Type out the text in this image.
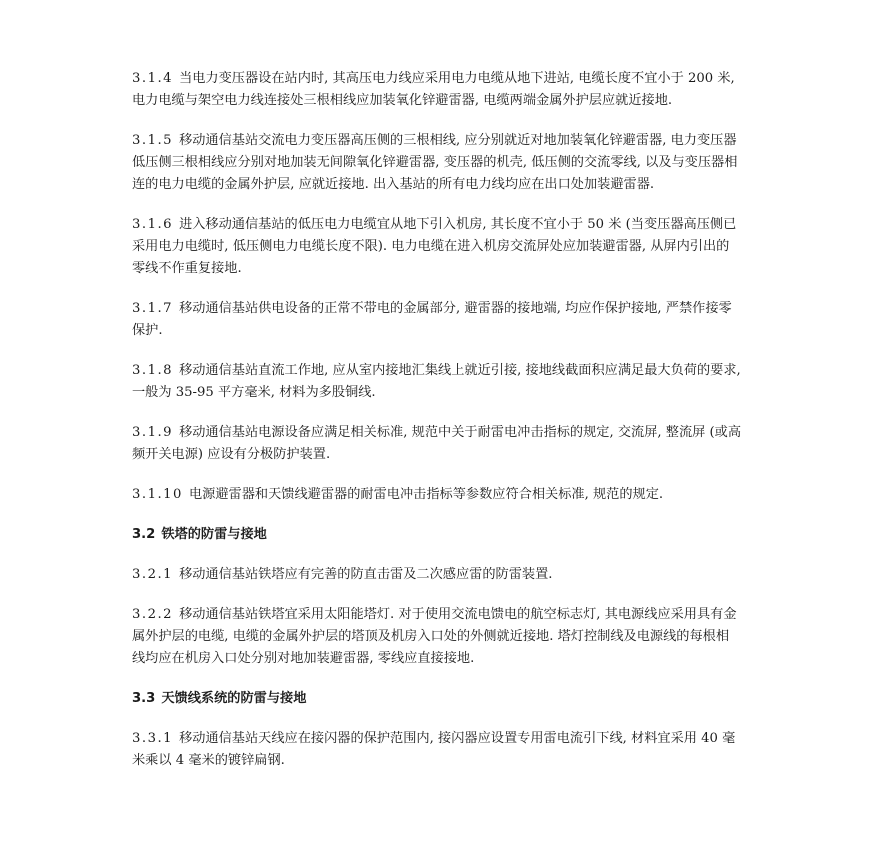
3.1.4 当电力变压器设在站内时, 其高压电力线应采用电力电缆从地下进站, 电缆长度不宜小于 200 米, 电力电缆与架空电力线连接处三根相线应加装氧化锌避雷器, 电缆两端金属外护层应就近接地.

3.1.5 移动通信基站交流电力变压器高压侧的三根相线, 应分别就近对地加装氧化锌避雷器, 电力变压器低压侧三根相线应分别对地加装无间隙氧化锌避雷器, 变压器的机壳, 低压侧的交流零线, 以及与变压器相连的电力电缆的金属外护层, 应就近接地. 出入基站的所有电力线均应在出口处加装避雷器.

3.1.6 进入移动通信基站的低压电力电缆宜从地下引入机房, 其长度不宜小于 50 米 (当变压器高压侧已采用电力电缆时, 低压侧电力电缆长度不限). 电力电缆在进入机房交流屏处应加装避雷器, 从屏内引出的零线不作重复接地.

3.1.7 移动通信基站供电设备的正常不带电的金属部分, 避雷器的接地端, 均应作保护接地, 严禁作接零保护.

3.1.8 移动通信基站直流工作地, 应从室内接地汇集线上就近引接, 接地线截面积应满足最大负荷的要求, 一般为 35-95 平方毫米, 材料为多股铜线.

3.1.9 移动通信基站电源设备应满足相关标准, 规范中关于耐雷电冲击指标的规定, 交流屏, 整流屏 (或高频开关电源) 应设有分极防护装置.

3.1.10 电源避雷器和天馈线避雷器的耐雷电冲击指标等参数应符合相关标准, 规范的规定.

3.2 铁塔的防雷与接地

3.2.1 移动通信基站铁塔应有完善的防直击雷及二次感应雷的防雷装置.

3.2.2 移动通信基站铁塔宜采用太阳能塔灯. 对于使用交流电馈电的航空标志灯, 其电源线应采用具有金属外护层的电缆, 电缆的金属外护层的塔顶及机房入口处的外侧就近接地. 塔灯控制线及电源线的每根相线均应在机房入口处分别对地加装避雷器, 零线应直接接地.

3.3 天馈线系统的防雷与接地

3.3.1 移动通信基站天线应在接闪器的保护范围内, 接闪器应设置专用雷电流引下线, 材料宜采用 40 毫米乘以 4 毫米的镀锌扁钢.
